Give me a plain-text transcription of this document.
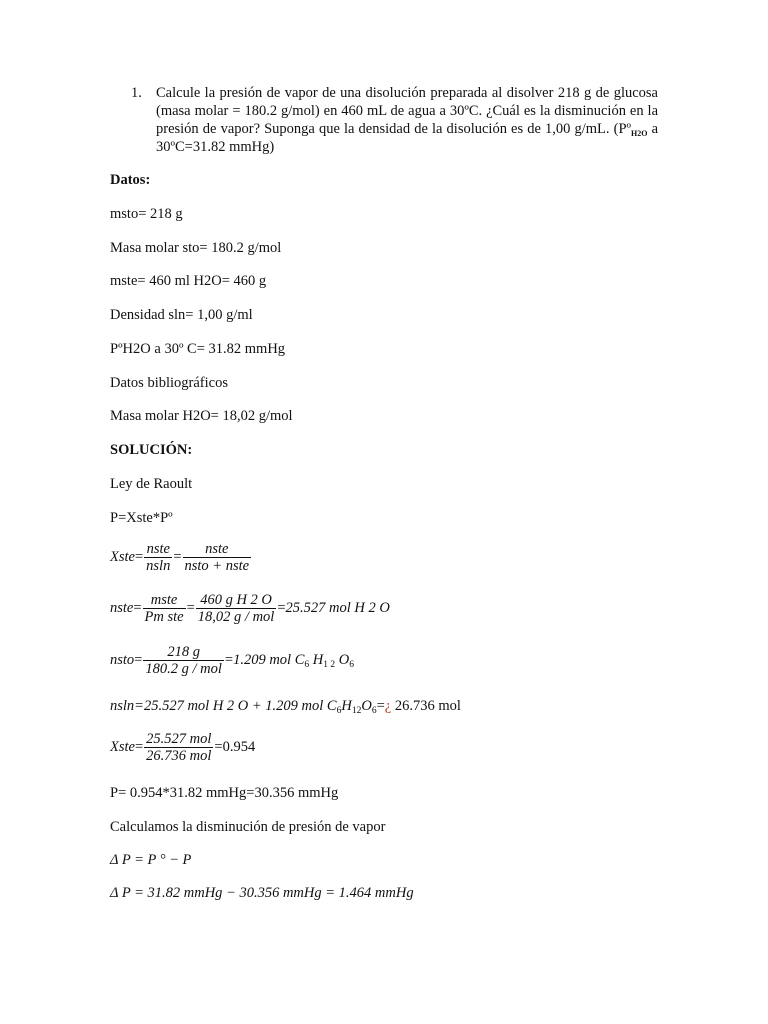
1. Calcule la presión de vapor de una disolución preparada al disolver 218 g de glucosa (masa molar = 180.2 g/mol) en 460 mL de agua a 30ºC. ¿Cuál es la disminución en la presión de vapor? Suponga que la densidad de la disolución es de 1,00 g/mL. (Pº$_{H2O}$ a 30ºC=31.82 mmHg)
Datos:
msto= 218 g
Masa molar sto= 180.2 g/mol
mste= 460 ml H2O= 460 g
Densidad sln= 1,00 g/ml
PºH2O a 30º C= 31.82 mmHg
Datos bibliográficos
Masa molar H2O= 18,02 g/mol
SOLUCIÓN:
Ley de Raoult
P=Xste*Pº
Xste= $\frac{\text{nste}}{nsln} = \frac{\text{nste}}{\text{nsto + nste}}$
nste= $\frac{\text{mste}}{\text{Pm ste}} = \frac{\text{460 g H 2 O}}{\text{18,02 g / mol}} =25.527$ mol H 2 O
nsto= $\frac{218 g}{\text{180.2 g / mol}} =1.209$ mol $C_6$ $H_{1 2}$ $O_6$
nsln=25.527 mol H 2 O + 1.209 mol $C_6H_{12}O_6=¿$ 26.736 mol
Xste= $\frac{\text{25.527 mol}}{\text{26.736 mol}} =0.954$
P= 0.954*31.82 mmHg=30.356 mmHg
Calculamos la disminución de presión de vapor
Δ P = P ° − P
Δ P = 31.82 mmHg − 30.356 mmHg = 1.464 mmHg
